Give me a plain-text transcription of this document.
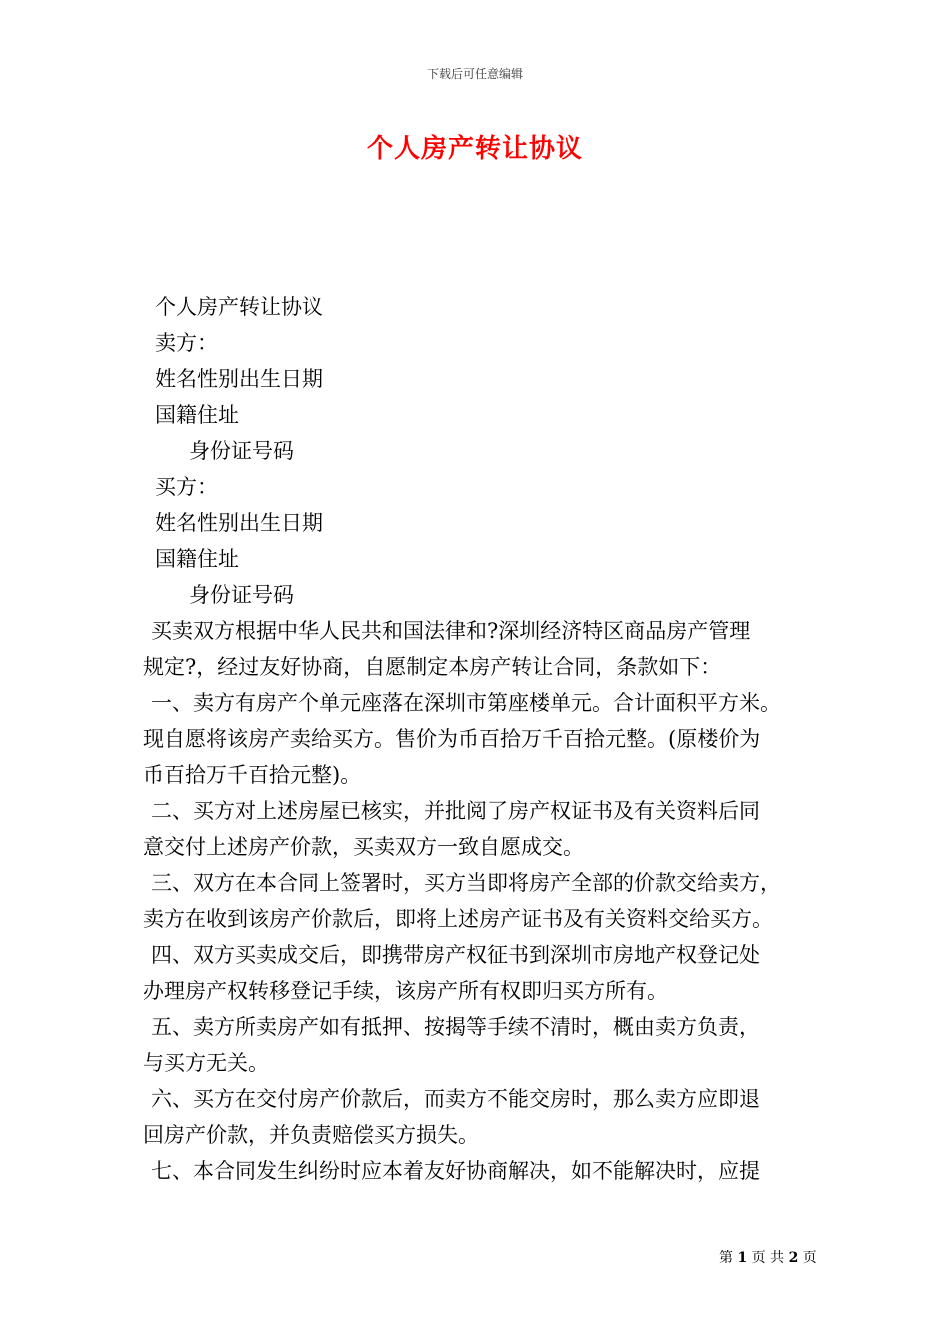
下载后可任意编辑
个人房产转让协议
个人房产转让协议
卖方：
姓名性别出生日期
国籍住址
身份证号码
买方：
姓名性别出生日期
国籍住址
身份证号码
买卖双方根据中华人民共和国法律和?深圳经济特区商品房产管理
规定?，经过友好协商，自愿制定本房产转让合同，条款如下：
一、卖方有房产个单元座落在深圳市第座楼单元。合计面积平方米。
现自愿将该房产卖给买方。售价为币百拾万千百拾元整。(原楼价为
币百拾万千百拾元整)。
二、买方对上述房屋已核实，并批阅了房产权证书及有关资料后同
意交付上述房产价款，买卖双方一致自愿成交。
三、双方在本合同上签署时，买方当即将房产全部的价款交给卖方，
卖方在收到该房产价款后，即将上述房产证书及有关资料交给买方。
四、双方买卖成交后，即携带房产权征书到深圳市房地产权登记处
办理房产权转移登记手续，该房产所有权即归买方所有。
五、卖方所卖房产如有抵押、按揭等手续不清时，概由卖方负责，
与买方无关。
六、买方在交付房产价款后，而卖方不能交房时，那么卖方应即退
回房产价款，并负责赔偿买方损失。
七、本合同发生纠纷时应本着友好协商解决，如不能解决时，应提
第 1 页 共 2 页
